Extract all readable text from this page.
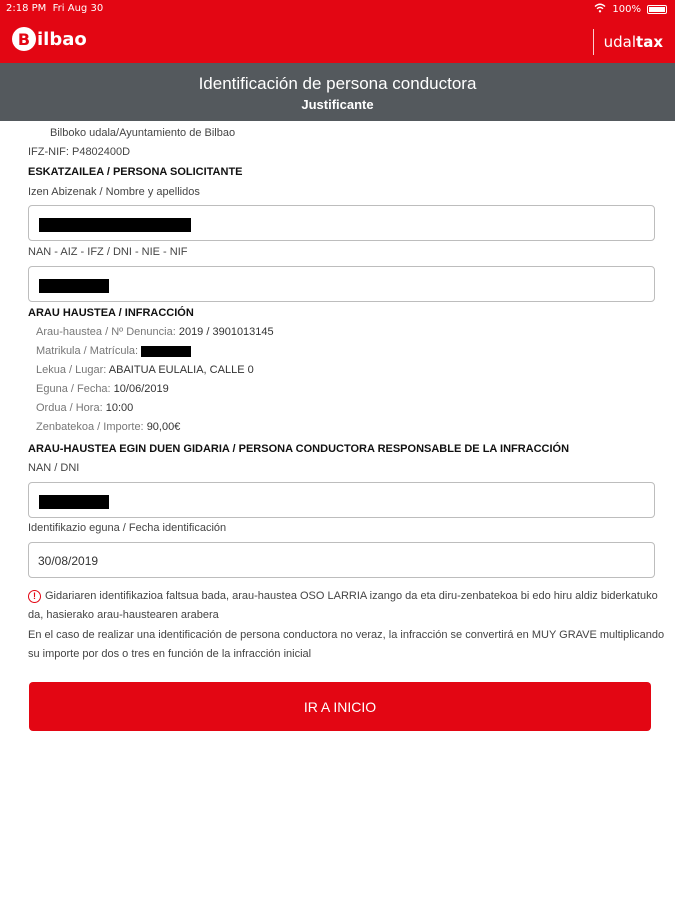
2:18 PM Fri Aug 30	100%
B ilbao	udal tax
Identificación de persona conductora
Justificante
Bilboko udala/Ayuntamiento de Bilbao
IFZ-NIF: P4802400D
ESKATZAILEA / PERSONA SOLICITANTE
Izen Abizenak / Nombre y apellidos
NAN - AIZ - IFZ / DNI - NIE - NIF
ARAU HAUSTEA / INFRACCIÓN
Arau-haustea / Nº Denuncia: 2019 / 3901013145
Matrikula / Matrícula:
Lekua / Lugar: ABAITUA EULALIA, CALLE 0
Eguna / Fecha: 10/06/2019
Ordua / Hora: 10:00
Zenbatekoa / Importe: 90,00€
ARAU-HAUSTEA EGIN DUEN GIDARIA / PERSONA CONDUCTORA RESPONSABLE DE LA INFRACCIÓN
NAN / DNI
Identifikazio eguna / Fecha identificación
30/08/2019
! Gidariaren identifikazioa faltsua bada, arau-haustea OSO LARRIA izango da eta diru-zenbatekoa bi edo hiru aldiz biderkatuko da, hasierako arau-haustearen arabera
En el caso de realizar una identificación de persona conductora no veraz, la infracción se convertirá en MUY GRAVE multiplicando su importe por dos o tres en función de la infracción inicial
IR A INICIO
